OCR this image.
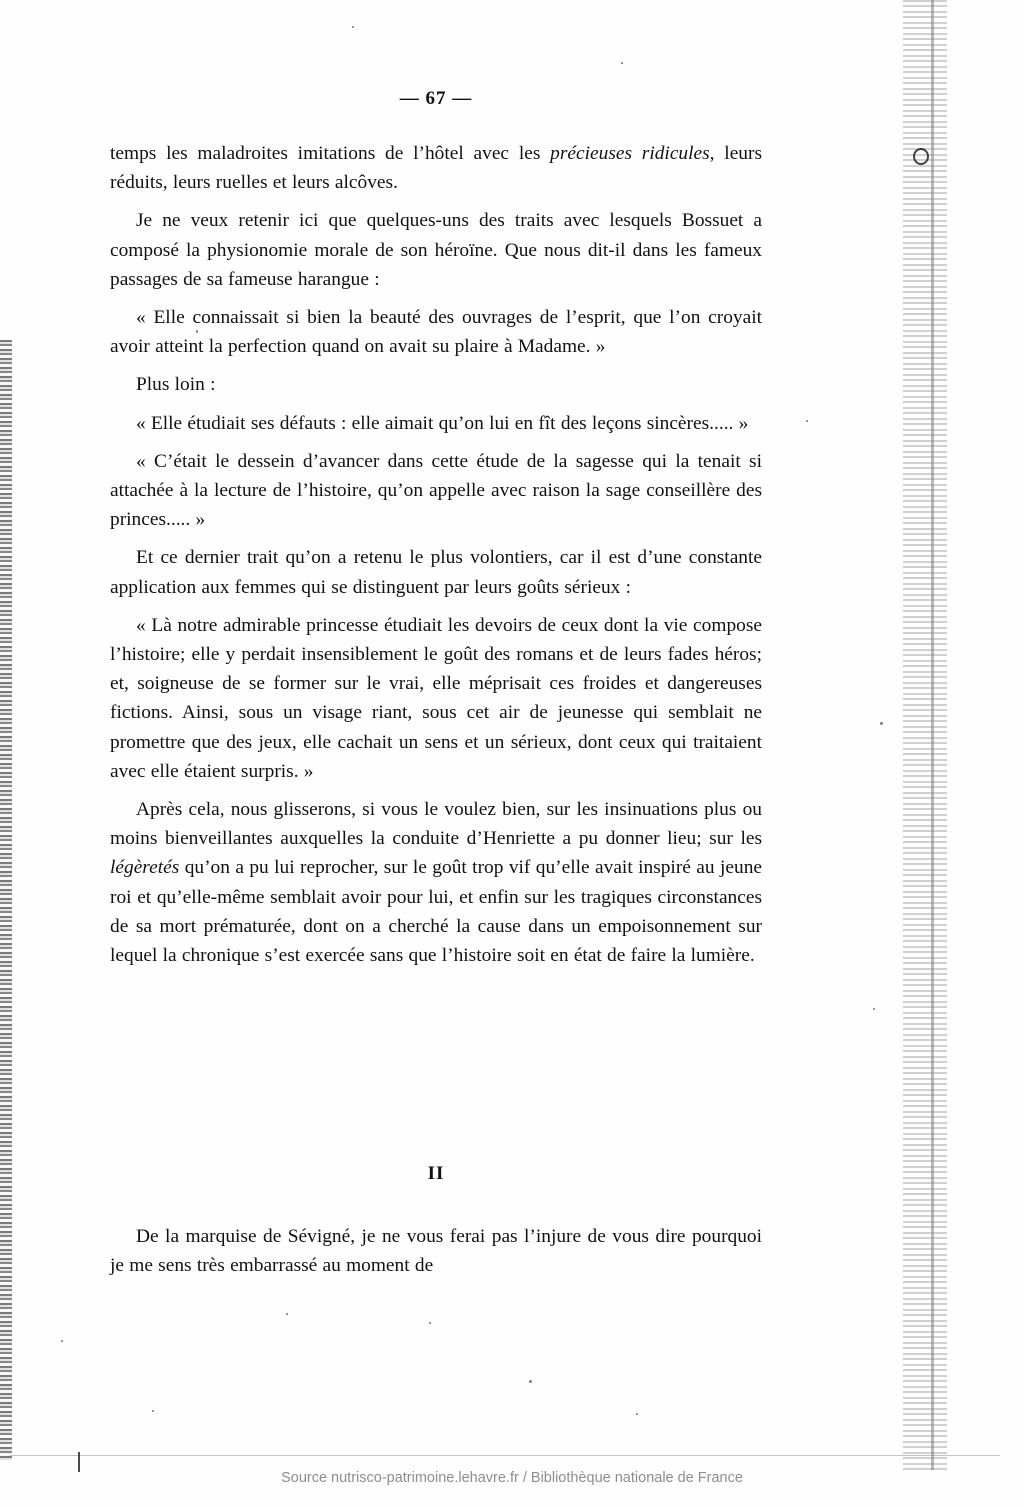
— 67 —

temps les maladroites imitations de l’hôtel avec les précieuses ridicules, leurs réduits, leurs ruelles et leurs alcôves.

Je ne veux retenir ici que quelques-uns des traits avec lesquels Bossuet a composé la physionomie morale de son héroïne. Que nous dit-il dans les fameux passages de sa fameuse harangue :

« Elle connaissait si bien la beauté des ouvrages de l’esprit, que l’on croyait avoir atteint la perfection quand on avait su plaire à Madame. »

Plus loin :

« Elle étudiait ses défauts : elle aimait qu’on lui en fît des leçons sincères..... »

« C’était le dessein d’avancer dans cette étude de la sagesse qui la tenait si attachée à la lecture de l’histoire, qu’on appelle avec raison la sage conseillère des princes..... »

Et ce dernier trait qu’on a retenu le plus volontiers, car il est d’une constante application aux femmes qui se distinguent par leurs goûts sérieux :

« Là notre admirable princesse étudiait les devoirs de ceux dont la vie compose l’histoire; elle y perdait insensiblement le goût des romans et de leurs fades héros; et, soigneuse de se former sur le vrai, elle méprisait ces froides et dangereuses fictions. Ainsi, sous un visage riant, sous cet air de jeunesse qui semblait ne promettre que des jeux, elle cachait un sens et un sérieux, dont ceux qui traitaient avec elle étaient surpris. »

Après cela, nous glisserons, si vous le voulez bien, sur les insinuations plus ou moins bienveillantes auxquelles la conduite d’Henriette a pu donner lieu; sur les légèretés qu’on a pu lui reprocher, sur le goût trop vif qu’elle avait inspiré au jeune roi et qu’elle-même semblait avoir pour lui, et enfin sur les tragiques circonstances de sa mort prématurée, dont on a cherché la cause dans un empoisonnement sur lequel la chronique s’est exercée sans que l’histoire soit en état de faire la lumière.

II

De la marquise de Sévigné, je ne vous ferai pas l’injure de vous dire pourquoi je me sens très embarrassé au moment de

Source nutrisco-patrimoine.lehavre.fr / Bibliothèque nationale de France
